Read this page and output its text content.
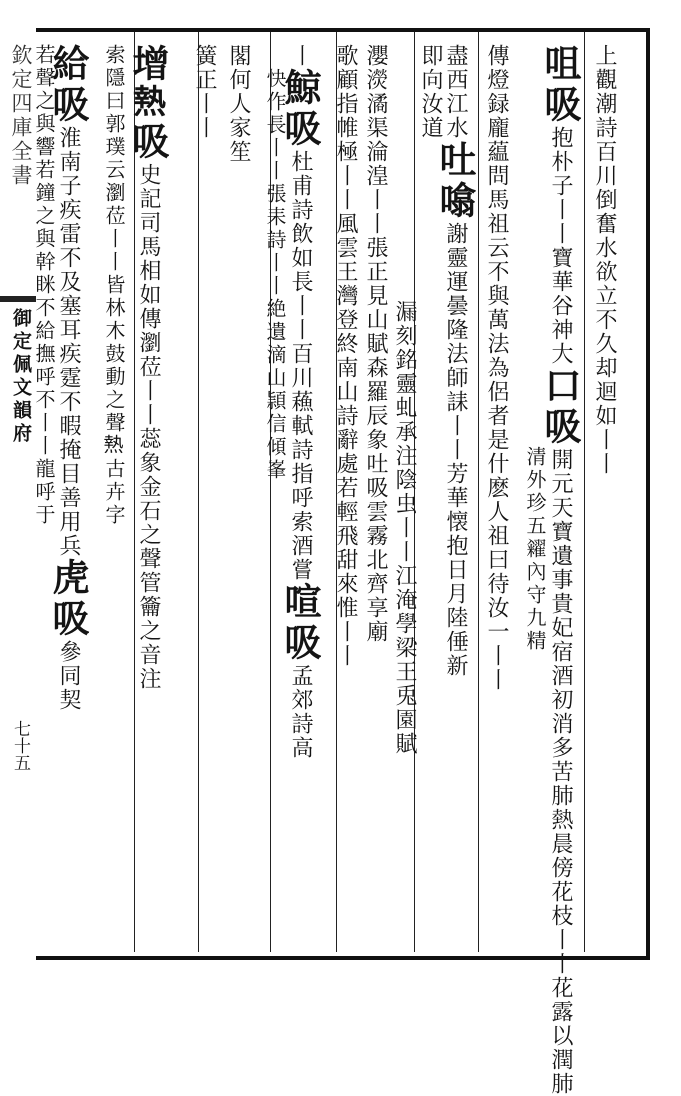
欽定四庫全書
御定佩文韻府
七十五
上觀潮詩百川倒奮水欲立不久却迴如丨丨
咀吸抱朴子丨丨寶華谷神大口吸開元天寶遺事貴妃宿酒初消多苦肺熱晨傍花枝丨丨花露以潤肺
清外珍五糴內守九精
傳燈録龐藴問馬祖云不與萬法為侶者是什麽人祖曰待汝一丨丨
盡西江水吐噏謝靈運曇隆法師誄丨丨芳華懐抱日月陸倕新
即向汝道
漏刻銘靈虬承注陰虫丨丨江淹學梁王兎園賦
瀴濙潏渠淪湟丨丨張正見山賦森羅辰象吐吸雲霧北齊享廟
歌顧指帷極丨丨風雲王灣登終南山詩辭處若輕飛甜來惟丨丨
丨鯨吸杜甫詩飲如長丨丨百川蘓軾詩指呼索酒嘗喧吸孟郊詩高
快作長丨丨張耒詩丨丨絶遺滴山頴信傾峯
閣何人家笙
簧正丨丨
增𤍠吸史記司馬相如傳瀏莅丨丨蕊象金石之聲管籥之音注
索隱曰郭璞云瀏莅丨丨皆林木鼓動之聲𤍠古卉字
給吸淮南子疾雷不及塞耳疾霆不暇掩目善用兵虎吸參同契
若聲之與響若鐘之與幹眯不給撫呼不丨丨龍呼于
